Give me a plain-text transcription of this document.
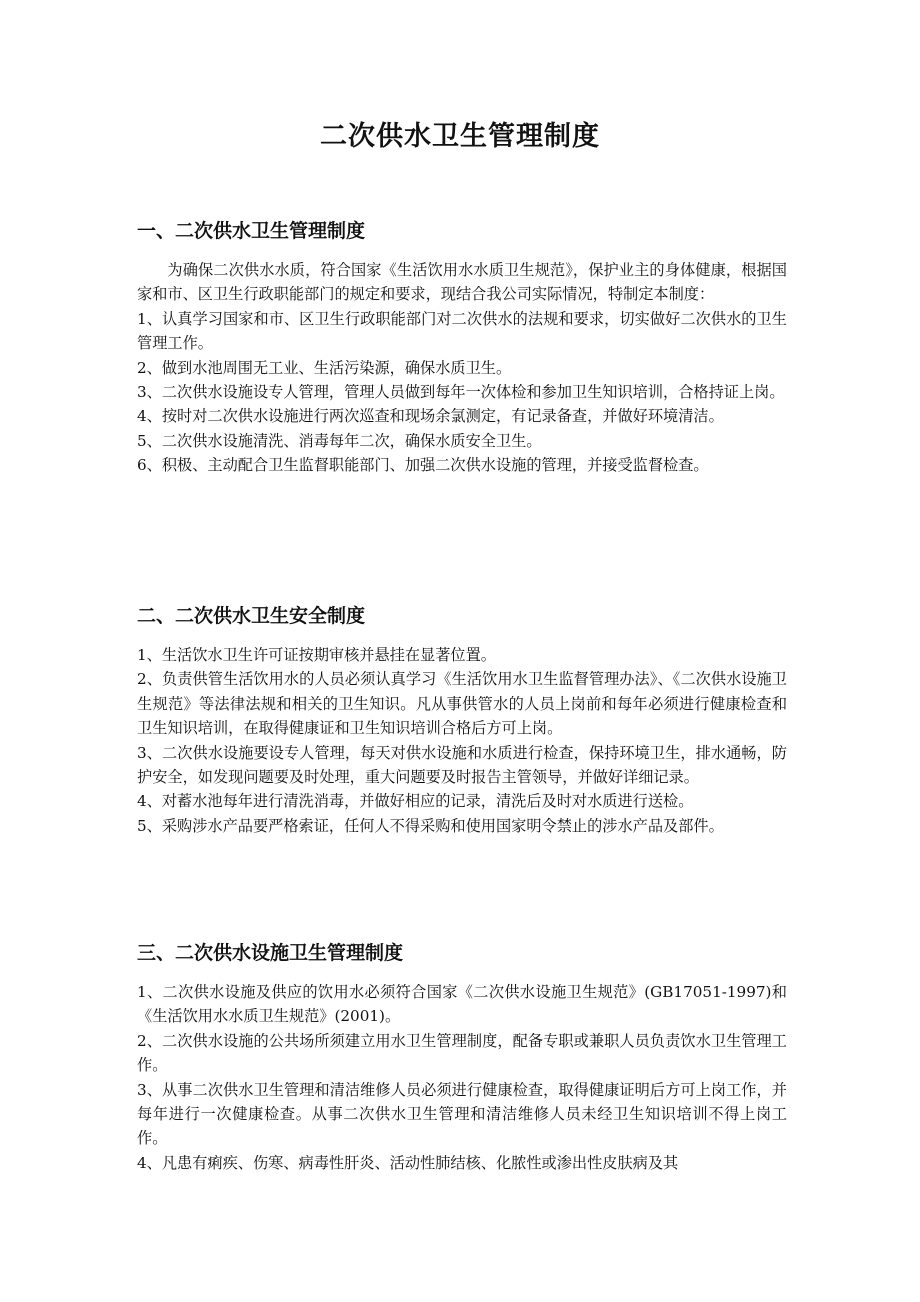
二次供水卫生管理制度
一、二次供水卫生管理制度

为确保二次供水水质，符合国家《生活饮用水水质卫生规范》，保护业主的身体健康，根据国家和市、区卫生行政职能部门的规定和要求，现结合我公司实际情况，特制定本制度：

1、认真学习国家和市、区卫生行政职能部门对二次供水的法规和要求，切实做好二次供水的卫生管理工作。

2、做到水池周围无工业、生活污染源，确保水质卫生。

3、二次供水设施设专人管理，管理人员做到每年一次体检和参加卫生知识培训，合格持证上岗。

4、按时对二次供水设施进行两次巡查和现场余氯测定，有记录备查，并做好环境清洁。

5、二次供水设施清洗、消毒每年二次，确保水质安全卫生。

6、积极、主动配合卫生监督职能部门、加强二次供水设施的管理，并接受监督检查。

二、二次供水卫生安全制度

1、生活饮水卫生许可证按期审核并悬挂在显著位置。

2、负责供管生活饮用水的人员必须认真学习《生活饮用水卫生监督管理办法》、《二次供水设施卫生规范》等法律法规和相关的卫生知识。凡从事供管水的人员上岗前和每年必须进行健康检查和卫生知识培训，在取得健康证和卫生知识培训合格后方可上岗。

3、二次供水设施要设专人管理，每天对供水设施和水质进行检查，保持环境卫生，排水通畅，防护安全，如发现问题要及时处理，重大问题要及时报告主管领导，并做好详细记录。

4、对蓄水池每年进行清洗消毒，并做好相应的记录，清洗后及时对水质进行送检。

5、采购涉水产品要严格索证，任何人不得采购和使用国家明令禁止的涉水产品及部件。

三、二次供水设施卫生管理制度

1、二次供水设施及供应的饮用水必须符合国家《二次供水设施卫生规范》(GB17051-1997)和《生活饮用水水质卫生规范》(2001)。

2、二次供水设施的公共场所须建立用水卫生管理制度，配备专职或兼职人员负责饮水卫生管理工作。

3、从事二次供水卫生管理和清洁维修人员必须进行健康检查，取得健康证明后方可上岗工作，并每年进行一次健康检查。从事二次供水卫生管理和清洁维修人员未经卫生知识培训不得上岗工作。

4、凡患有痢疾、伤寒、病毒性肝炎、活动性肺结核、化脓性或渗出性皮肤病及其
